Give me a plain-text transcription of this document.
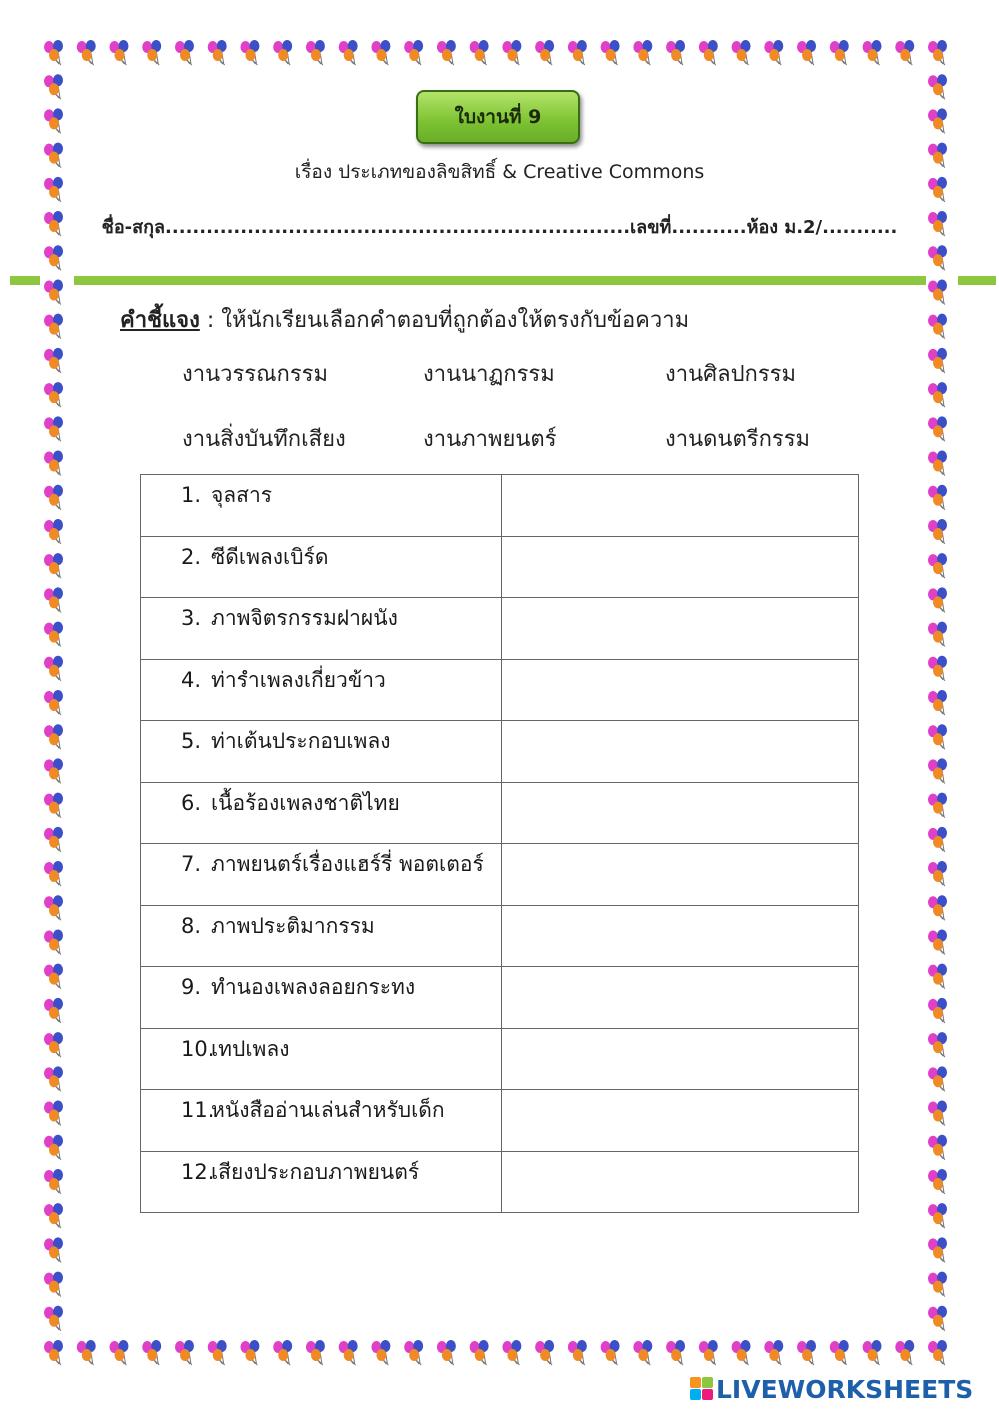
ใบงานที่ 9
เรื่อง ประเภทของลิขสิทธิ์ & Creative Commons
ชื่อ-สกุล....................................................................เลขที่...........ห้อง ม.2/...........
คำชี้แจง : ให้นักเรียนเลือกคำตอบที่ถูกต้องให้ตรงกับข้อความ
งานวรรณกรรม	งานนาฏกรรม	งานศิลปกรรม
งานสิ่งบันทึกเสียง	งานภาพยนตร์	งานดนตรีกรรม
1. จุลสาร	
2. ซีดีเพลงเบิร์ด	
3. ภาพจิตรกรรมฝาผนัง	
4. ท่ารำเพลงเกี่ยวข้าว	
5. ท่าเต้นประกอบเพลง	
6. เนื้อร้องเพลงชาติไทย	
7. ภาพยนตร์เรื่องแฮร์รี่ พอตเตอร์	
8. ภาพประติมากรรม	
9. ทำนองเพลงลอยกระทง	
10.เทปเพลง	
11.หนังสืออ่านเล่นสำหรับเด็ก	
12.เสียงประกอบภาพยนตร์	
LIVEWORKSHEETS
